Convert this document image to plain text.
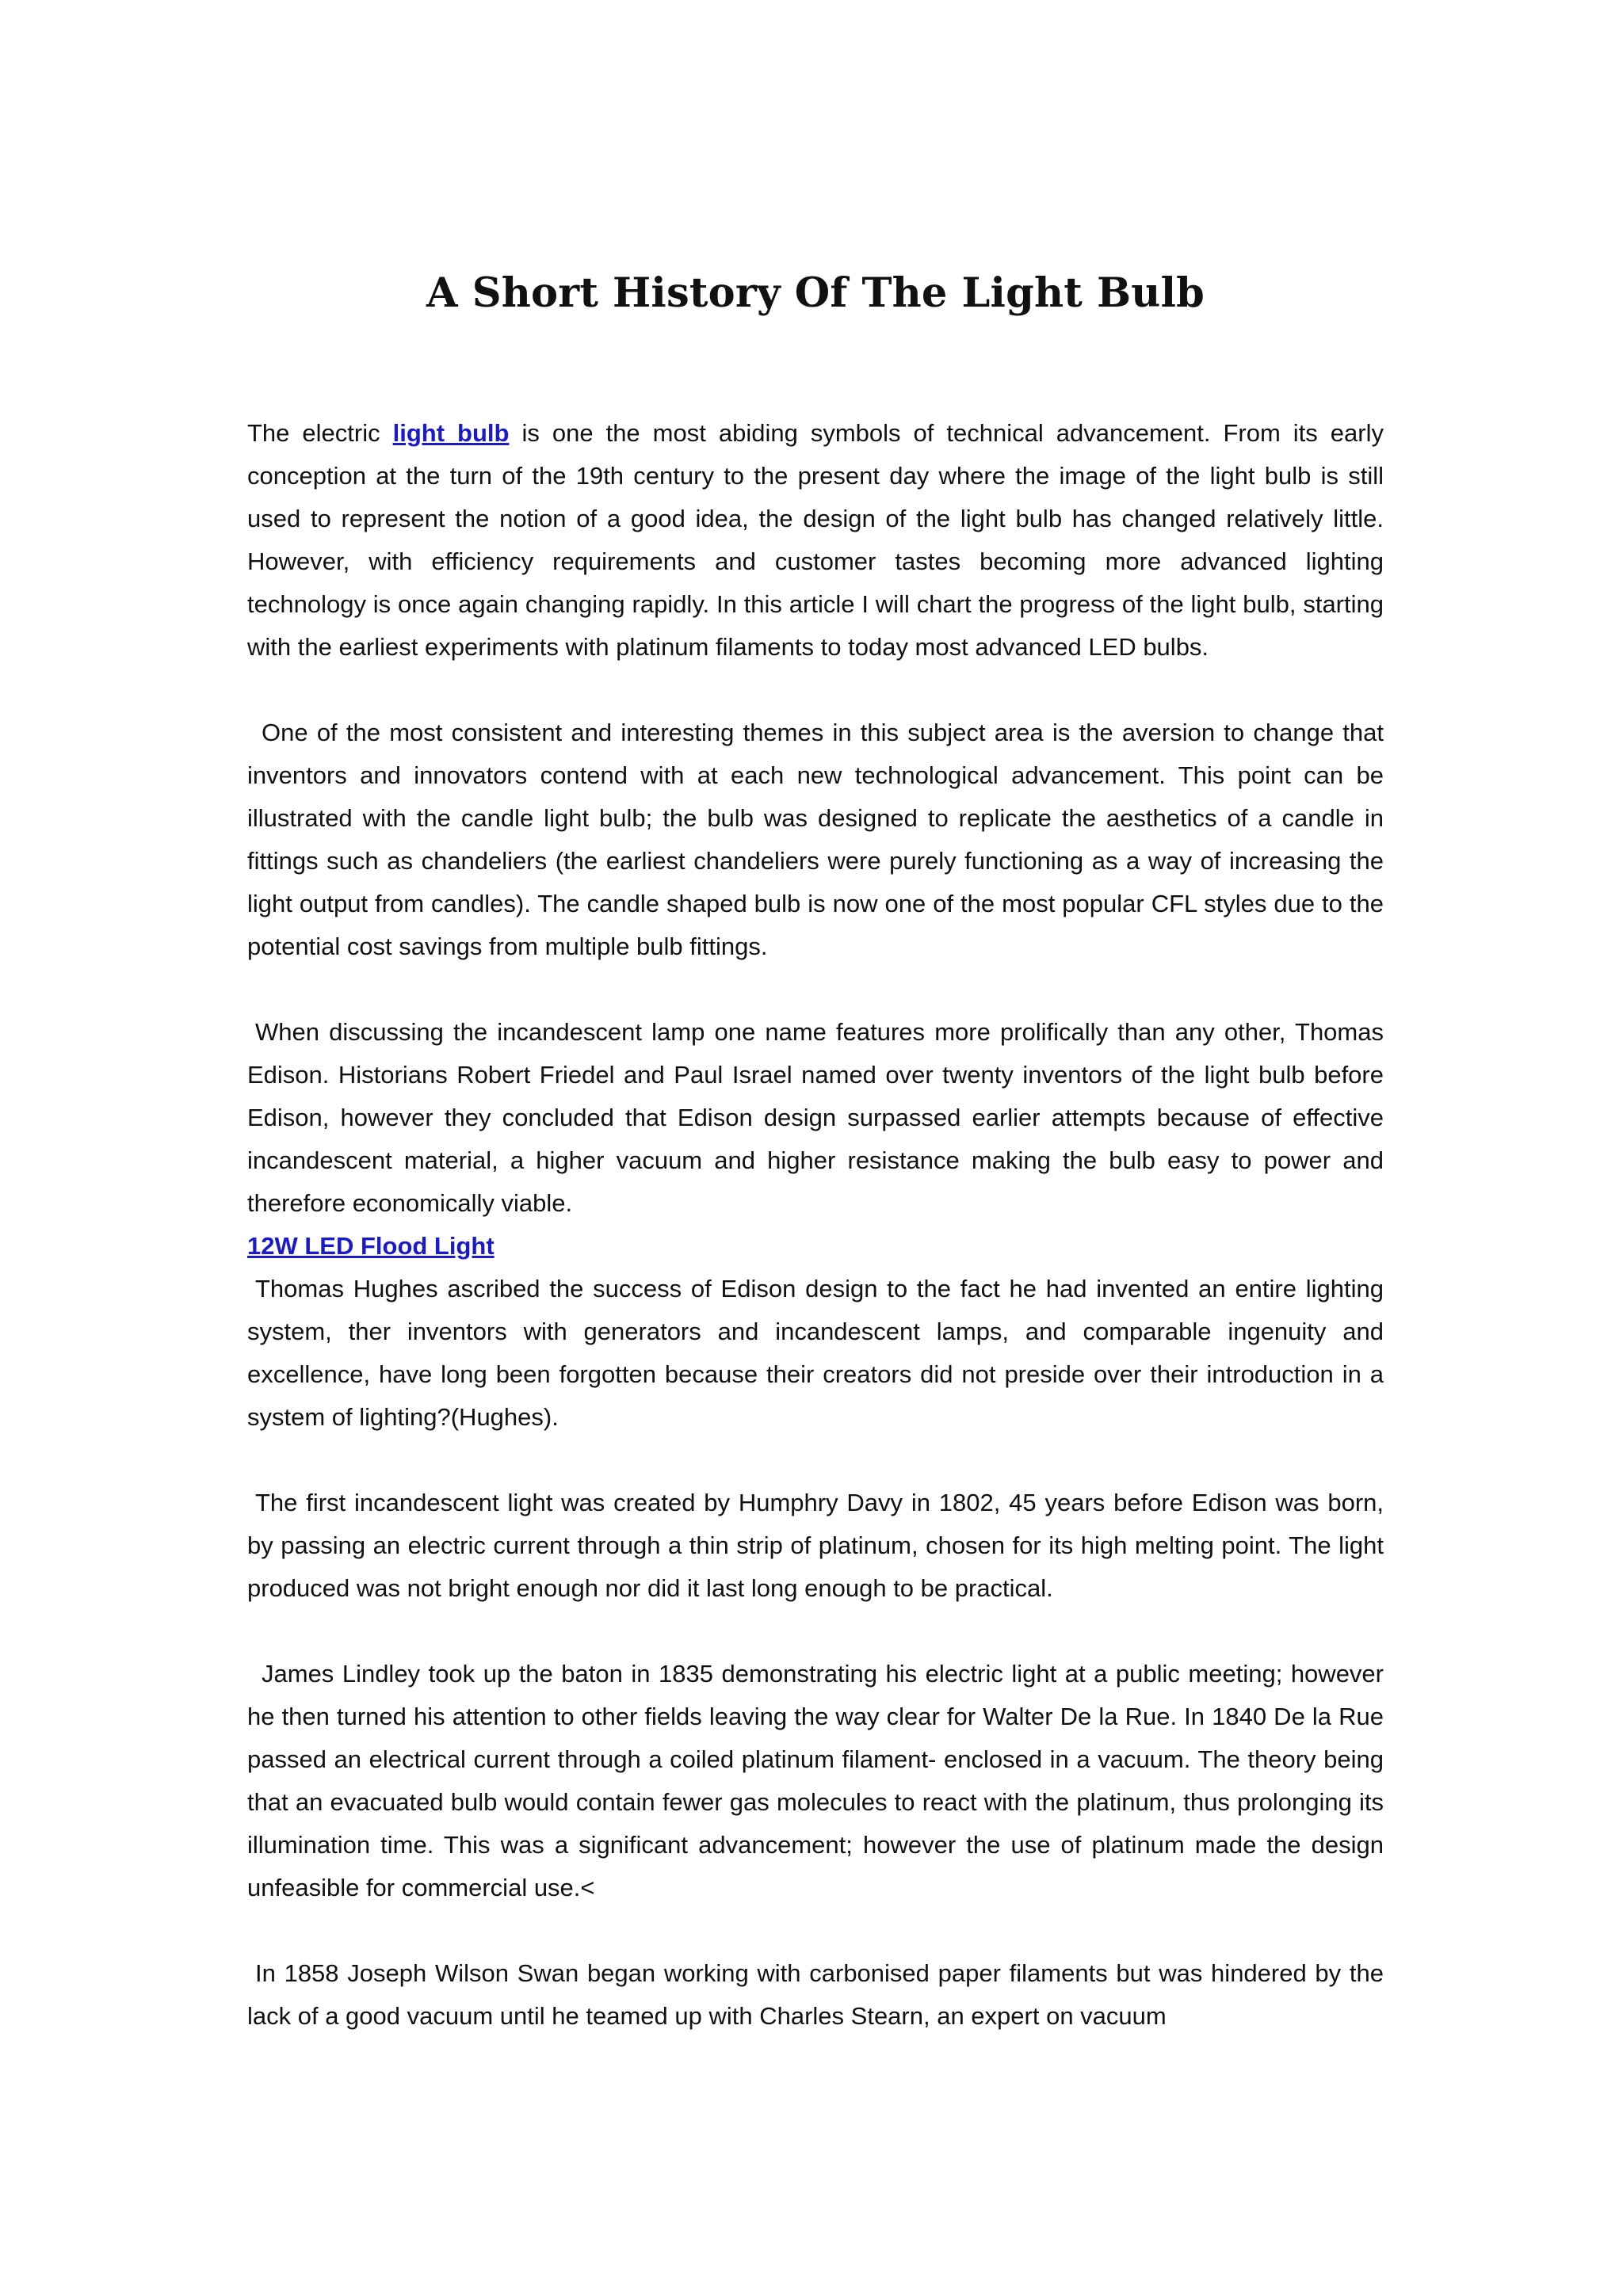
A Short History Of The Light Bulb

The electric light bulb is one the most abiding symbols of technical advancement. From its early conception at the turn of the 19th century to the present day where the image of the light bulb is still used to represent the notion of a good idea, the design of the light bulb has changed relatively little. However, with efficiency requirements and customer tastes becoming more advanced lighting technology is once again changing rapidly. In this article I will chart the progress of the light bulb, starting with the earliest experiments with platinum filaments to today most advanced LED bulbs.

One of the most consistent and interesting themes in this subject area is the aversion to change that inventors and innovators contend with at each new technological advancement. This point can be illustrated with the candle light bulb; the bulb was designed to replicate the aesthetics of a candle in fittings such as chandeliers (the earliest chandeliers were purely functioning as a way of increasing the light output from candles). The candle shaped bulb is now one of the most popular CFL styles due to the potential cost savings from multiple bulb fittings.

When discussing the incandescent lamp one name features more prolifically than any other, Thomas Edison. Historians Robert Friedel and Paul Israel named over twenty inventors of the light bulb before Edison, however they concluded that Edison design surpassed earlier attempts because of effective incandescent material, a higher vacuum and higher resistance making the bulb easy to power and therefore economically viable.

12W LED Flood Light

Thomas Hughes ascribed the success of Edison design to the fact he had invented an entire lighting system, ther inventors with generators and incandescent lamps, and comparable ingenuity and excellence, have long been forgotten because their creators did not preside over their introduction in a system of lighting?(Hughes).

The first incandescent light was created by Humphry Davy in 1802, 45 years before Edison was born, by passing an electric current through a thin strip of platinum, chosen for its high melting point. The light produced was not bright enough nor did it last long enough to be practical.

James Lindley took up the baton in 1835 demonstrating his electric light at a public meeting; however he then turned his attention to other fields leaving the way clear for Walter De la Rue. In 1840 De la Rue passed an electrical current through a coiled platinum filament- enclosed in a vacuum. The theory being that an evacuated bulb would contain fewer gas molecules to react with the platinum, thus prolonging its illumination time. This was a significant advancement; however the use of platinum made the design unfeasible for commercial use.<

In 1858 Joseph Wilson Swan began working with carbonised paper filaments but was hindered by the lack of a good vacuum until he teamed up with Charles Stearn, an expert on vacuum
